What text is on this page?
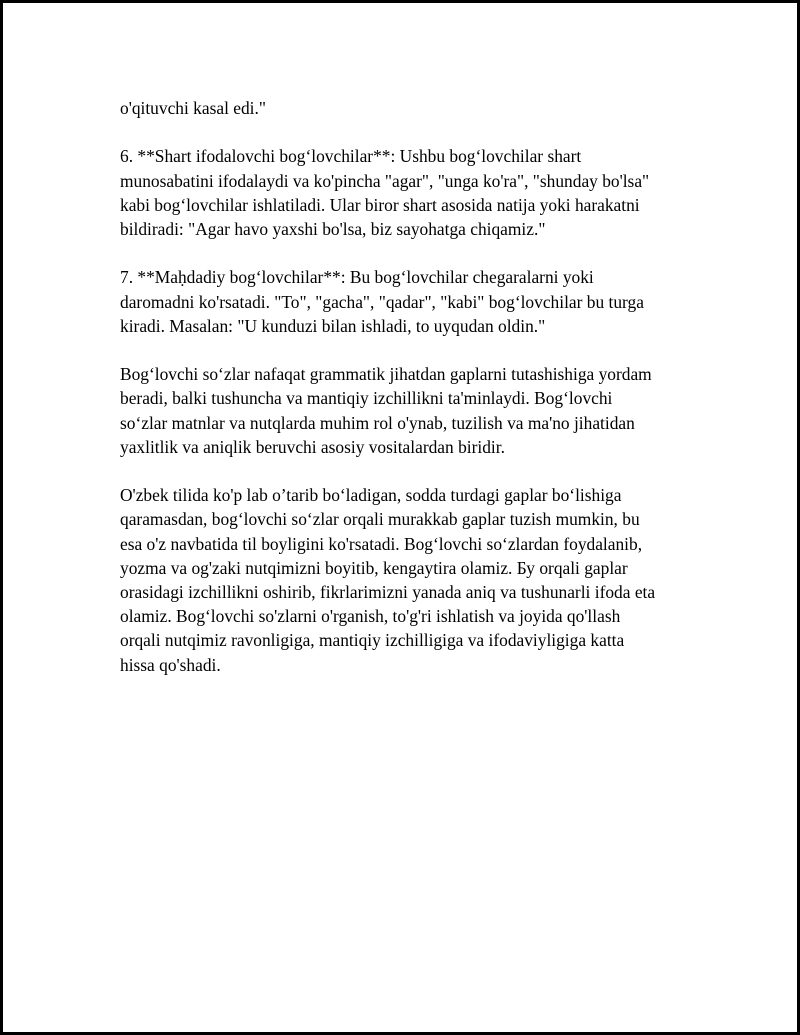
o'qituvchi kasal edi."

6. **Shart ifodalovchi bog‘lovchilar**: Ushbu bog‘lovchilar shart
munosabatini ifodalaydi va ko'pincha "agar", "unga ko'ra", "shunday bo'lsa"
kabi bog‘lovchilar ishlatiladi. Ular biror shart asosida natija yoki harakatni
bildiradi: "Agar havo yaxshi bo'lsa, biz sayohatga chiqamiz."

7. **Maḥdadiy bog‘lovchilar**: Bu bog‘lovchilar chegaralarni yoki
daromadni ko'rsatadi. "To", "gacha", "qadar", "kabi" bog‘lovchilar bu turga
kiradi. Masalan: "U kunduzi bilan ishladi, to uyqudan oldin."

Bog‘lovchi so‘zlar nafaqat grammatik jihatdan gaplarni tutashishiga yordam
beradi, balki tushuncha va mantiqiy izchillikni ta'minlaydi. Bog‘lovchi
so‘zlar matnlar va nutqlarda muhim rol o'ynab, tuzilish va ma'no jihatidan
yaxlitlik va aniqlik beruvchi asosiy vositalardan biridir.

O'zbek tilida ko'p lab o’tarib bo‘ladigan, sodda turdagi gaplar bo‘lishiga
qaramasdan, bog‘lovchi so‘zlar orqali murakkab gaplar tuzish mumkin, bu
esa o'z navbatida til boyligini ko'rsatadi. Bog‘lovchi so‘zlardan foydalanib,
yozma va og'zaki nutqimizni boyitib, kengaytira olamiz. Бу orqali gaplar
orasidagi izchillikni oshirib, fikrlarimizni yanada aniq va tushunarli ifoda eta
olamiz. Bog‘lovchi so'zlarni o'rganish, to'g'ri ishlatish va joyida qo'llash
orqali nutqimiz ravonligiga, mantiqiy izchilligiga va ifodaviyligiga katta
hissa qo'shadi.
